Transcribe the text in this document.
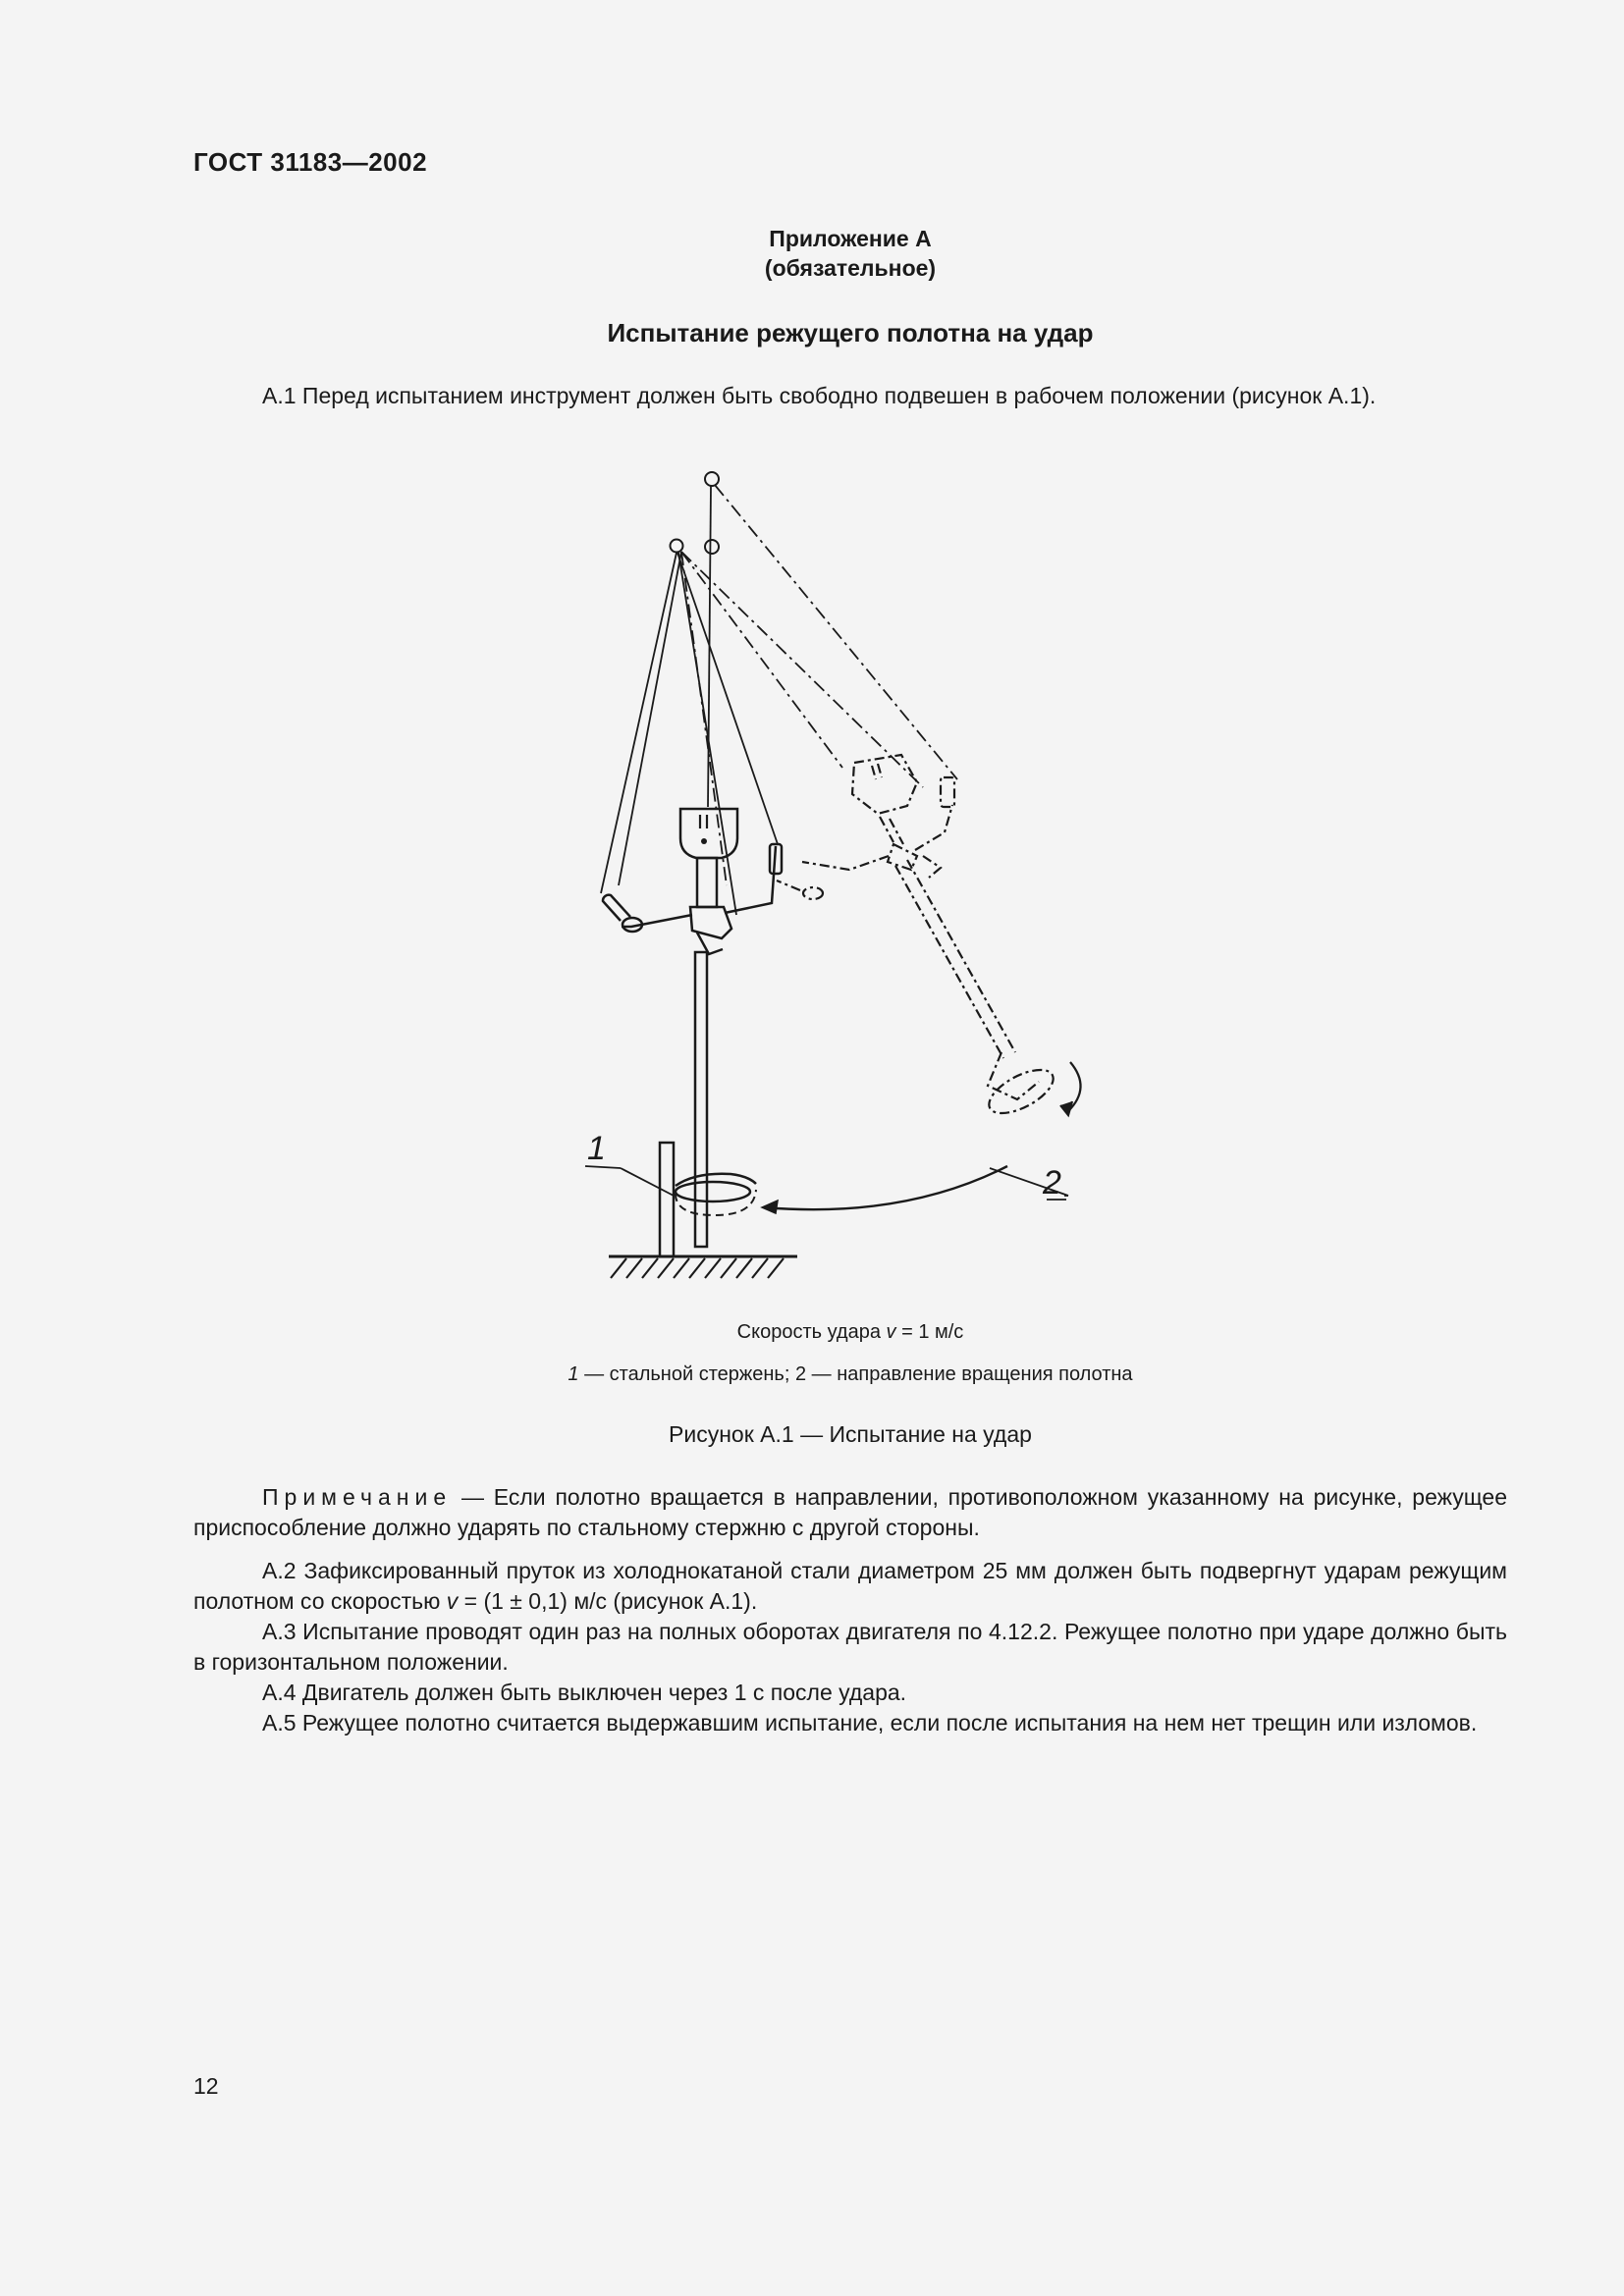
ГОСТ 31183—2002
Приложение А
(обязательное)
Испытание режущего полотна на удар
А.1 Перед испытанием инструмент должен быть свободно подвешен в рабочем положении (рисунок А.1).
1
2
Скорость удара v = 1 м/с
1 — стальной стержень; 2 — направление вращения полотна
Рисунок А.1 — Испытание на удар
Примечание — Если полотно вращается в направлении, противоположном указанному на рисунке, режущее приспособление должно ударять по стальному стержню с другой стороны.
А.2 Зафиксированный пруток из холоднокатаной стали диаметром 25 мм должен быть подвергнут ударам режущим полотном со скоростью v = (1 ± 0,1) м/с (рисунок А.1).
А.3 Испытание проводят один раз на полных оборотах двигателя по 4.12.2. Режущее полотно при ударе должно быть в горизонтальном положении.
А.4 Двигатель должен быть выключен через 1 с после удара.
А.5 Режущее полотно считается выдержавшим испытание, если после испытания на нем нет трещин или изломов.
12
